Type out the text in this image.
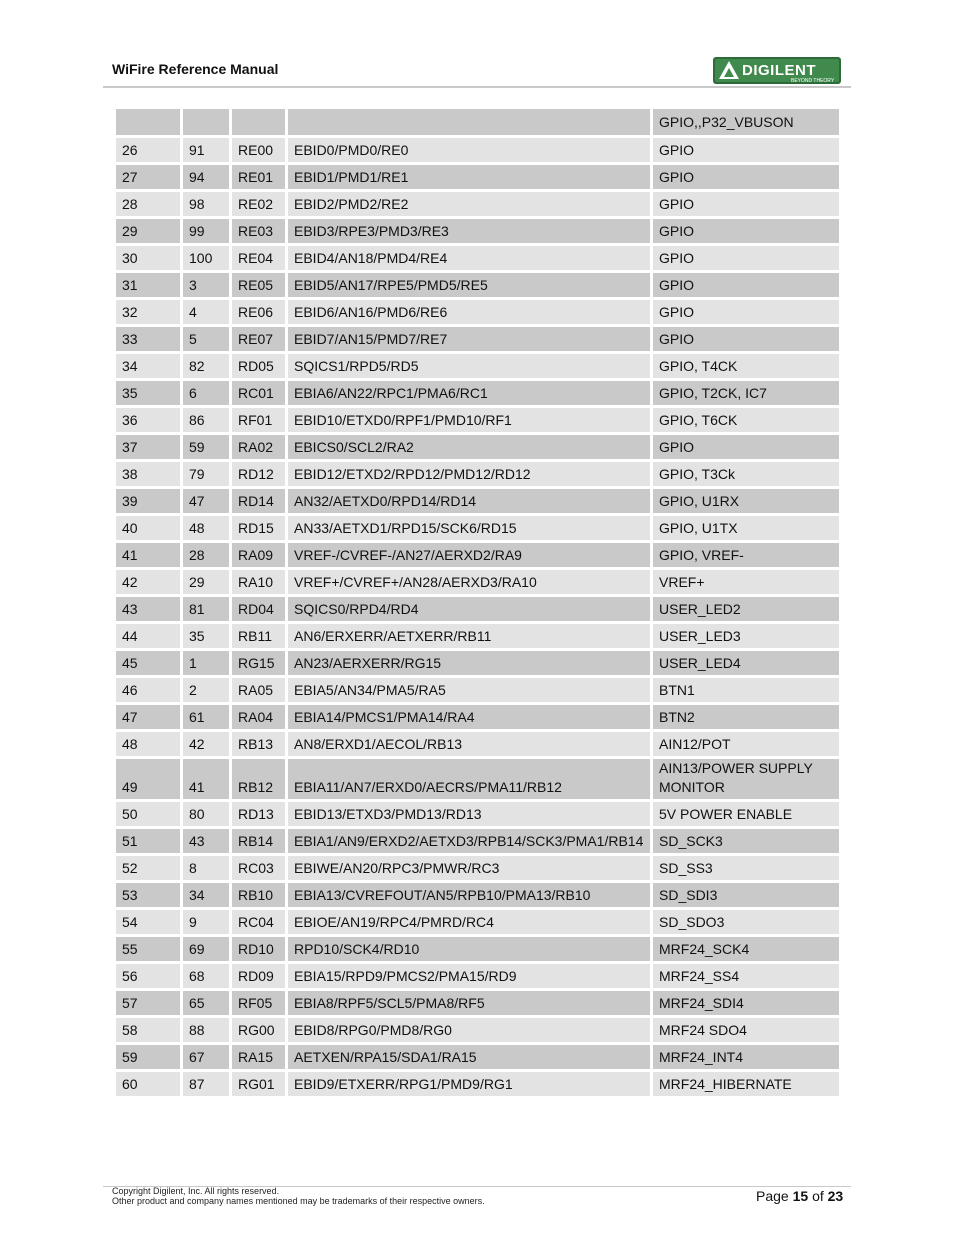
WiFire Reference Manual	DIGILENT
BEYOND THEORY
				GPIO,,P32_VBUSON
26	91	RE00	EBID0/PMD0/RE0	GPIO
27	94	RE01	EBID1/PMD1/RE1	GPIO
28	98	RE02	EBID2/PMD2/RE2	GPIO
29	99	RE03	EBID3/RPE3/PMD3/RE3	GPIO
30	100	RE04	EBID4/AN18/PMD4/RE4	GPIO
31	3	RE05	EBID5/AN17/RPE5/PMD5/RE5	GPIO
32	4	RE06	EBID6/AN16/PMD6/RE6	GPIO
33	5	RE07	EBID7/AN15/PMD7/RE7	GPIO
34	82	RD05	SQICS1/RPD5/RD5	GPIO, T4CK
35	6	RC01	EBIA6/AN22/RPC1/PMA6/RC1	GPIO, T2CK, IC7
36	86	RF01	EBID10/ETXD0/RPF1/PMD10/RF1	GPIO, T6CK
37	59	RA02	EBICS0/SCL2/RA2	GPIO
38	79	RD12	EBID12/ETXD2/RPD12/PMD12/RD12	GPIO, T3Ck
39	47	RD14	AN32/AETXD0/RPD14/RD14	GPIO, U1RX
40	48	RD15	AN33/AETXD1/RPD15/SCK6/RD15	GPIO, U1TX
41	28	RA09	VREF-/CVREF-/AN27/AERXD2/RA9	GPIO, VREF-
42	29	RA10	VREF+/CVREF+/AN28/AERXD3/RA10	VREF+
43	81	RD04	SQICS0/RPD4/RD4	USER_LED2
44	35	RB11	AN6/ERXERR/AETXERR/RB11	USER_LED3
45	1	RG15	AN23/AERXERR/RG15	USER_LED4
46	2	RA05	EBIA5/AN34/PMA5/RA5	BTN1
47	61	RA04	EBIA14/PMCS1/PMA14/RA4	BTN2
48	42	RB13	AN8/ERXD1/AECOL/RB13	AIN12/POT
49	41	RB12	EBIA11/AN7/ERXD0/AECRS/PMA11/RB12	AIN13/POWER SUPPLY MONITOR
50	80	RD13	EBID13/ETXD3/PMD13/RD13	5V POWER ENABLE
51	43	RB14	EBIA1/AN9/ERXD2/AETXD3/RPB14/SCK3/PMA1/RB14	SD_SCK3
52	8	RC03	EBIWE/AN20/RPC3/PMWR/RC3	SD_SS3
53	34	RB10	EBIA13/CVREFOUT/AN5/RPB10/PMA13/RB10	SD_SDI3
54	9	RC04	EBIOE/AN19/RPC4/PMRD/RC4	SD_SDO3
55	69	RD10	RPD10/SCK4/RD10	MRF24_SCK4
56	68	RD09	EBIA15/RPD9/PMCS2/PMA15/RD9	MRF24_SS4
57	65	RF05	EBIA8/RPF5/SCL5/PMA8/RF5	MRF24_SDI4
58	88	RG00	EBID8/RPG0/PMD8/RG0	MRF24 SDO4
59	67	RA15	AETXEN/RPA15/SDA1/RA15	MRF24_INT4
60	87	RG01	EBID9/ETXERR/RPG1/PMD9/RG1	MRF24_HIBERNATE
Copyright Digilent, Inc. All rights reserved.
Other product and company names mentioned may be trademarks of their respective owners.	Page 15 of 23
